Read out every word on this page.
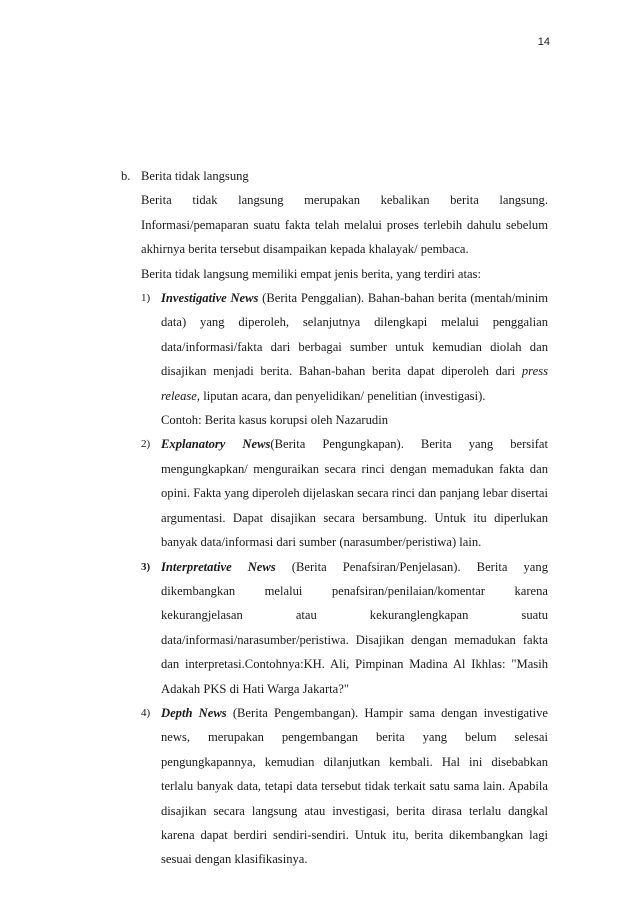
14
b. Berita tidak langsung

Berita tidak langsung merupakan kebalikan berita langsung. Informasi/pemaparan suatu fakta telah melalui proses terlebih dahulu sebelum akhirnya berita tersebut disampaikan kepada khalayak/ pembaca.

Berita tidak langsung memiliki empat jenis berita, yang terdiri atas:

1) Investigative News (Berita Penggalian). Bahan-bahan berita (mentah/minim data) yang diperoleh, selanjutnya dilengkapi melalui penggalian data/informasi/fakta dari berbagai sumber untuk kemudian diolah dan disajikan menjadi berita. Bahan-bahan berita dapat diperoleh dari press release, liputan acara, dan penyelidikan/ penelitian (investigasi).
Contoh: Berita kasus korupsi oleh Nazarudin
2) Explanatory News(Berita Pengungkapan). Berita yang bersifat mengungkapkan/ menguraikan secara rinci dengan memadukan fakta dan opini. Fakta yang diperoleh dijelaskan secara rinci dan panjang lebar disertai argumentasi. Dapat disajikan secara bersambung. Untuk itu diperlukan banyak data/informasi dari sumber (narasumber/peristiwa) lain.
3) Interpretative News (Berita Penafsiran/Penjelasan). Berita yang dikembangkan melalui penafsiran/penilaian/komentar karena kekurangjelasan atau kekuranglengkapan suatu data/informasi/narasumber/peristiwa. Disajikan dengan memadukan fakta dan interpretasi.Contohnya:KH. Ali, Pimpinan Madina Al Ikhlas: "Masih Adakah PKS di Hati Warga Jakarta?"
4) Depth News (Berita Pengembangan). Hampir sama dengan investigative news, merupakan pengembangan berita yang belum selesai pengungkapannya, kemudian dilanjutkan kembali. Hal ini disebabkan terlalu banyak data, tetapi data tersebut tidak terkait satu sama lain. Apabila disajikan secara langsung atau investigasi, berita dirasa terlalu dangkal karena dapat berdiri sendiri-sendiri. Untuk itu, berita dikembangkan lagi sesuai dengan klasifikasinya.
